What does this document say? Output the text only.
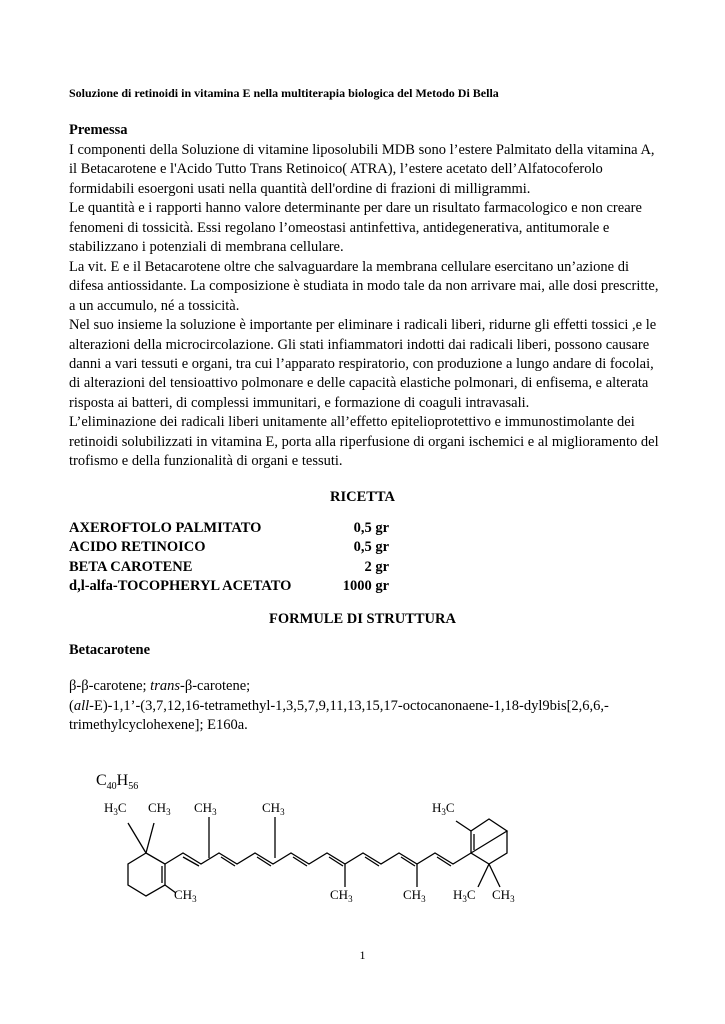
Soluzione di retinoidi in vitamina E nella multiterapia biologica del Metodo Di Bella
Premessa

I componenti della Soluzione di vitamine liposolubili MDB sono l’estere Palmitato della vitamina A, il Betacarotene e l'Acido Tutto Trans Retinoico( ATRA), l’estere acetato dell’Alfatocoferolo formidabili esoergoni usati nella quantità dell'ordine di frazioni di milligrammi.

Le quantità e i rapporti hanno valore determinante per dare un risultato farmacologico e non creare fenomeni di tossicità. Essi regolano l’omeostasi antinfettiva, antidegenerativa, antitumorale e stabilizzano i potenziali di membrana cellulare.

La vit. E e il Betacarotene oltre che salvaguardare la membrana cellulare esercitano un’azione di difesa antiossidante. La composizione è studiata in modo tale da non arrivare mai, alle dosi prescritte, a un accumulo, né a tossicità.

Nel suo insieme la soluzione è importante per eliminare i radicali liberi, ridurne gli effetti tossici ,e le alterazioni della microcircolazione. Gli stati infiammatori indotti dai radicali liberi, possono causare danni a vari tessuti e organi, tra cui l’apparato respiratorio, con produzione a lungo andare di focolai, di alterazioni del tensioattivo polmonare e delle capacità elastiche polmonari, di enfisema, e alterata risposta ai batteri, di complessi immunitari, e formazione di coaguli intravasali.

L’eliminazione dei radicali liberi unitamente all’effetto epitelioprotettivo e immunostimolante dei retinoidi solubilizzati in vitamina E, porta alla riperfusione di organi ischemici e al miglioramento del trofismo e della funzionalità di organi e tessuti.

RICETTA
AXEROFTOLO PALMITATO	0,5 gr
ACIDO RETINOICO	0,5 gr
BETA CAROTENE	2 gr
d,l-alfa-TOCOPHERYL ACETATO	1000 gr
FORMULE DI STRUTTURA
Betacarotene
β-β-carotene; trans-β-carotene;
(all-E)-1,1’-(3,7,12,16-tetramethyl-1,3,5,7,9,11,13,15,17-octocanonaene-1,18-dyl9bis[2,6,6,-trimethylcyclohexene]; E160a.
$C_{40}H_{56}$
$H_3C$ $CH_3$ $CH_3$	$CH_3$	$H_3C$
$CH_3$	$CH_3$	$CH_3$ $H_3C$ $CH_3$
1
